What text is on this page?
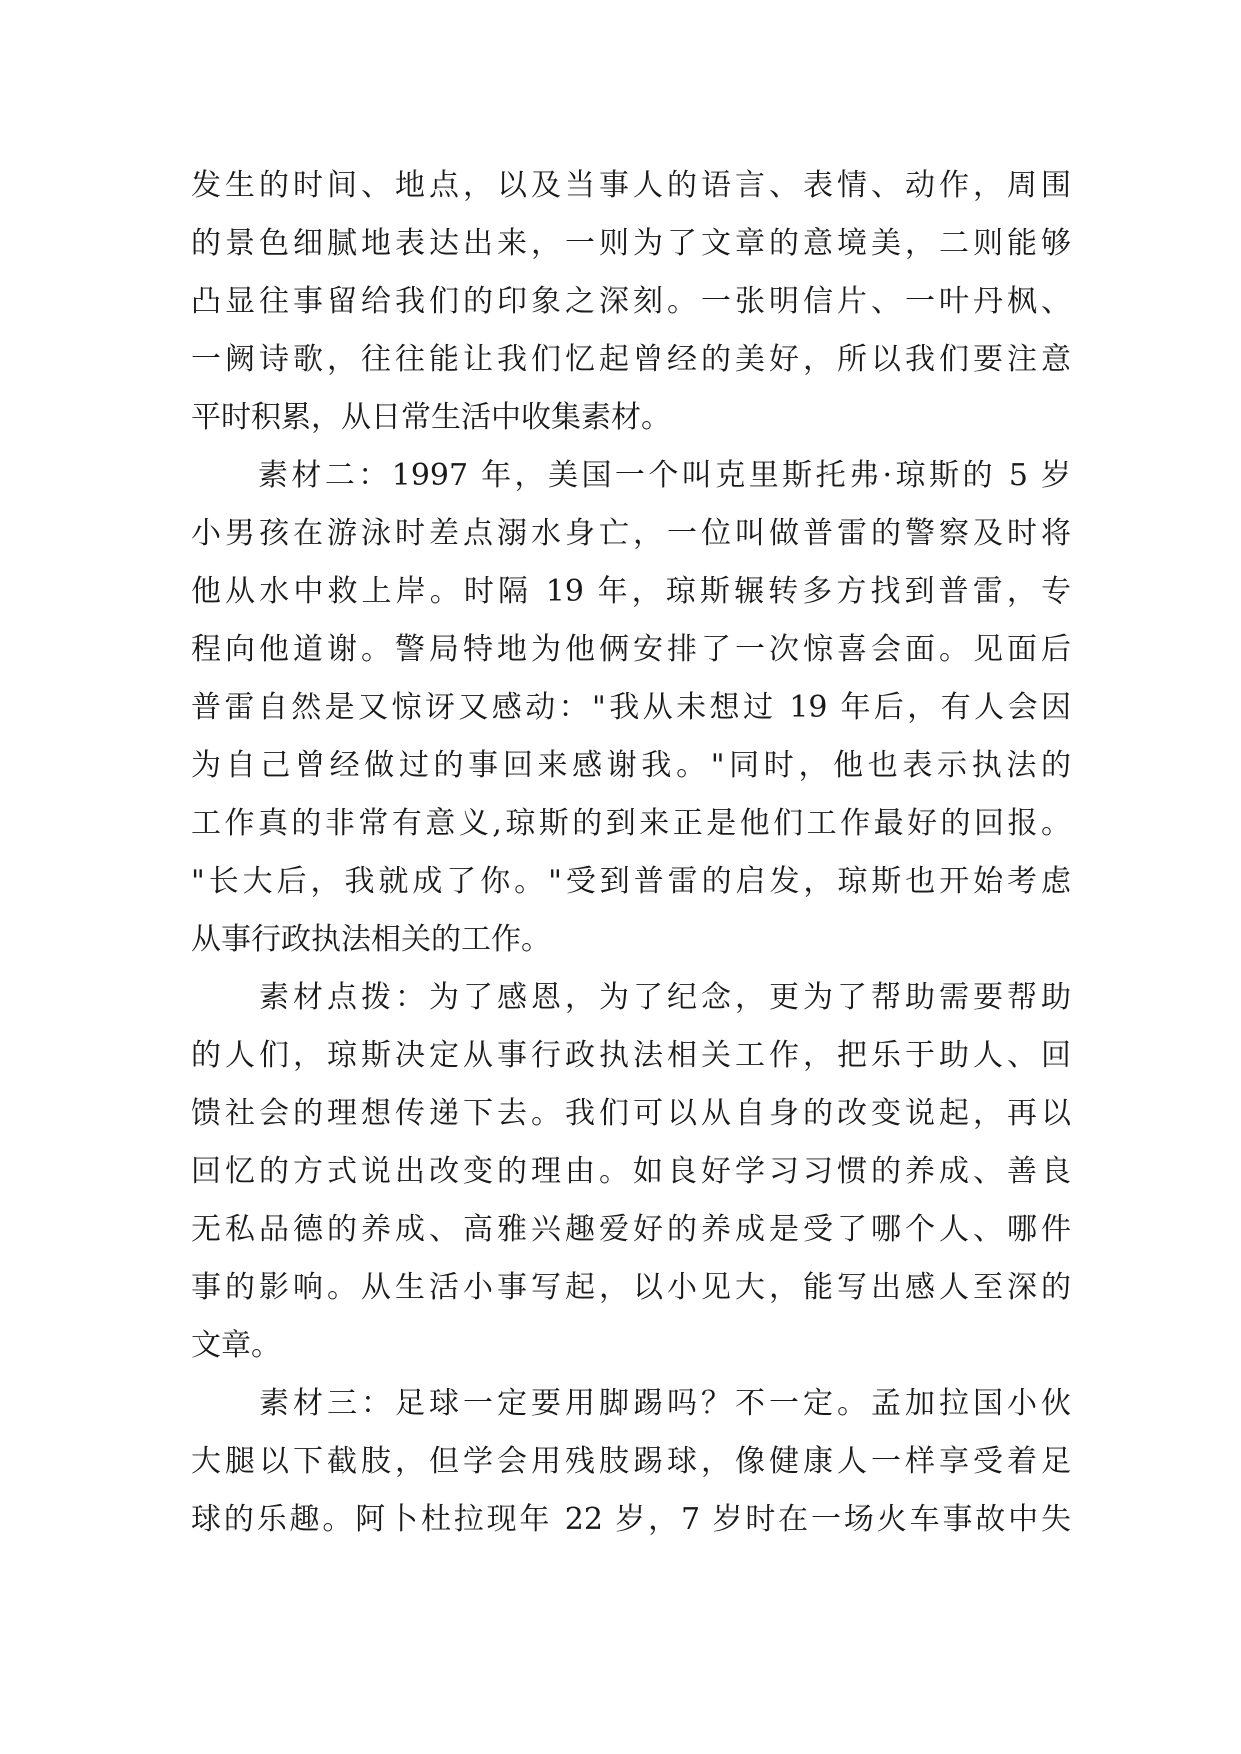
发生的时间、地点，以及当事人的语言、表情、动作，周围
的景色细腻地表达出来，一则为了文章的意境美，二则能够
凸显往事留给我们的印象之深刻。一张明信片、一叶丹枫、
一阙诗歌，往往能让我们忆起曾经的美好，所以我们要注意
平时积累，从日常生活中收集素材。
　　素材二：1997 年，美国一个叫克里斯托弗·琼斯的 5 岁
小男孩在游泳时差点溺水身亡，一位叫做普雷的警察及时将
他从水中救上岸。时隔 19 年，琼斯辗转多方找到普雷，专
程向他道谢。警局特地为他俩安排了一次惊喜会面。见面后
普雷自然是又惊讶又感动："我从未想过 19 年后，有人会因
为自己曾经做过的事回来感谢我。"同时，他也表示执法的
工作真的非常有意义,琼斯的到来正是他们工作最好的回报。
"长大后，我就成了你。"受到普雷的启发，琼斯也开始考虑
从事行政执法相关的工作。
　　素材点拨：为了感恩，为了纪念，更为了帮助需要帮助
的人们，琼斯决定从事行政执法相关工作，把乐于助人、回
馈社会的理想传递下去。我们可以从自身的改变说起，再以
回忆的方式说出改变的理由。如良好学习习惯的养成、善良
无私品德的养成、高雅兴趣爱好的养成是受了哪个人、哪件
事的影响。从生活小事写起，以小见大，能写出感人至深的
文章。
　　素材三：足球一定要用脚踢吗？不一定。孟加拉国小伙
大腿以下截肢，但学会用残肢踢球，像健康人一样享受着足
球的乐趣。阿卜杜拉现年 22 岁，7 岁时在一场火车事故中失
